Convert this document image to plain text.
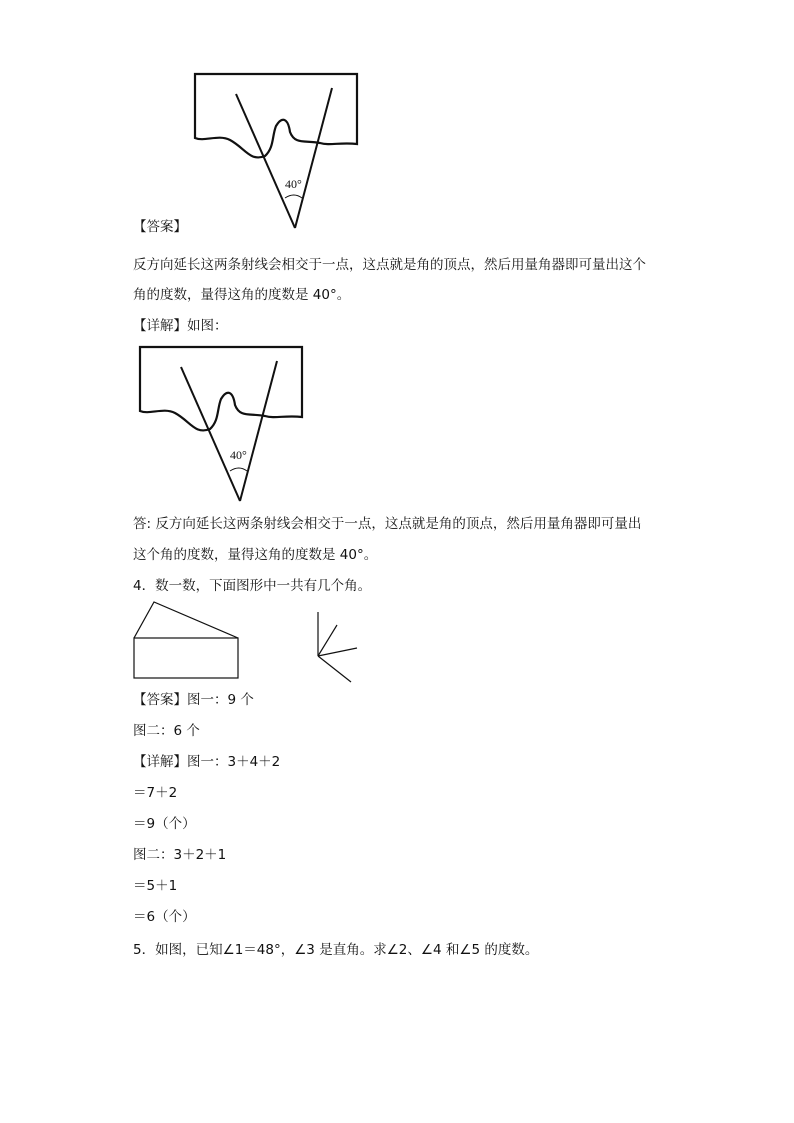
40°
【答案】
反方向延长这两条射线会相交于一点，这点就是角的顶点，然后用量角器即可量出这个
角的度数，量得这角的度数是 40°。
【详解】如图：
40°
答: 反方向延长这两条射线会相交于一点，这点就是角的顶点，然后用量角器即可量出
这个角的度数，量得这角的度数是 40°。
4．数一数，下面图形中一共有几个角。
【答案】图一：9 个
图二：6 个
【详解】图一：3＋4＋2
＝7＋2
＝9（个）
图二：3＋2＋1
＝5＋1
＝6（个）
5．如图，已知∠1＝48°，∠3 是直角。求∠2、∠4 和∠5 的度数。
